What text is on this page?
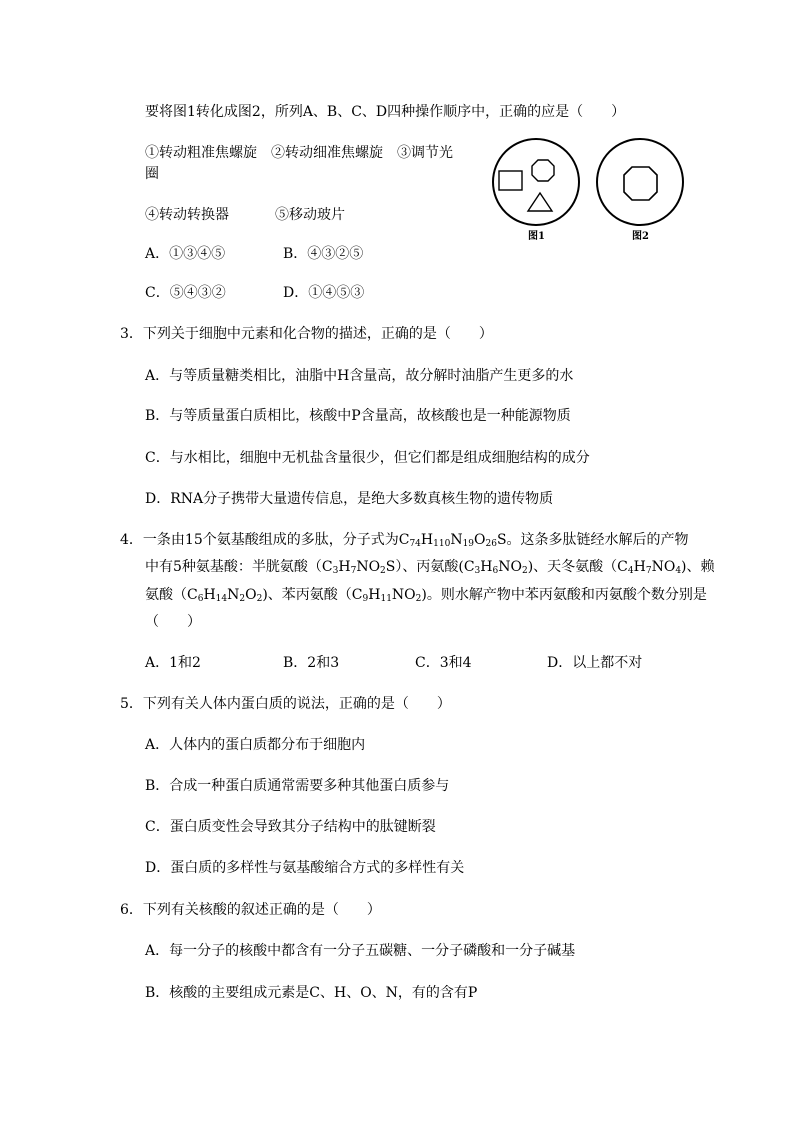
要将图1转化成图2，所列A、B、C、D四种操作顺序中，正确的应是（　　）
①转动粗准焦螺旋　②转动细准焦螺旋　③调节光
圈
④转动转换器	⑤移动玻片
A．①③④⑤	B．④③②⑤
C．⑤④③②	D．①④⑤③
图1	图2
3．下列关于细胞中元素和化合物的描述，正确的是（　　）
A．与等质量糖类相比，油脂中H含量高，故分解时油脂产生更多的水
B．与等质量蛋白质相比，核酸中P含量高，故核酸也是一种能源物质
C．与水相比，细胞中无机盐含量很少，但它们都是组成细胞结构的成分
D．RNA分子携带大量遗传信息，是绝大多数真核生物的遗传物质
4．一条由15个氨基酸组成的多肽，分子式为$C_{74}H_{110}N_{19}O_{26}S$。这条多肽链经水解后的产物
中有5种氨基酸：半胱氨酸$(C_3H_7NO_2S)$、丙氨酸$(C_3H_6NO_2)$、天冬氨酸$(C_4H_7NO_4)$、赖
氨酸$(C_6H_{14}N_2O_2)$、苯丙氨酸$(C_9H_{11}NO_2)$。则水解产物中苯丙氨酸和丙氨酸个数分别是
（　　）
A．1和2	B．2和3	C．3和4	D．以上都不对
5．下列有关人体内蛋白质的说法，正确的是（　　）
A．人体内的蛋白质都分布于细胞内
B．合成一种蛋白质通常需要多种其他蛋白质参与
C．蛋白质变性会导致其分子结构中的肽键断裂
D．蛋白质的多样性与氨基酸缩合方式的多样性有关
6．下列有关核酸的叙述正确的是（　　）
A．每一分子的核酸中都含有一分子五碳糖、一分子磷酸和一分子碱基
B．核酸的主要组成元素是C、H、O、N，有的含有P
